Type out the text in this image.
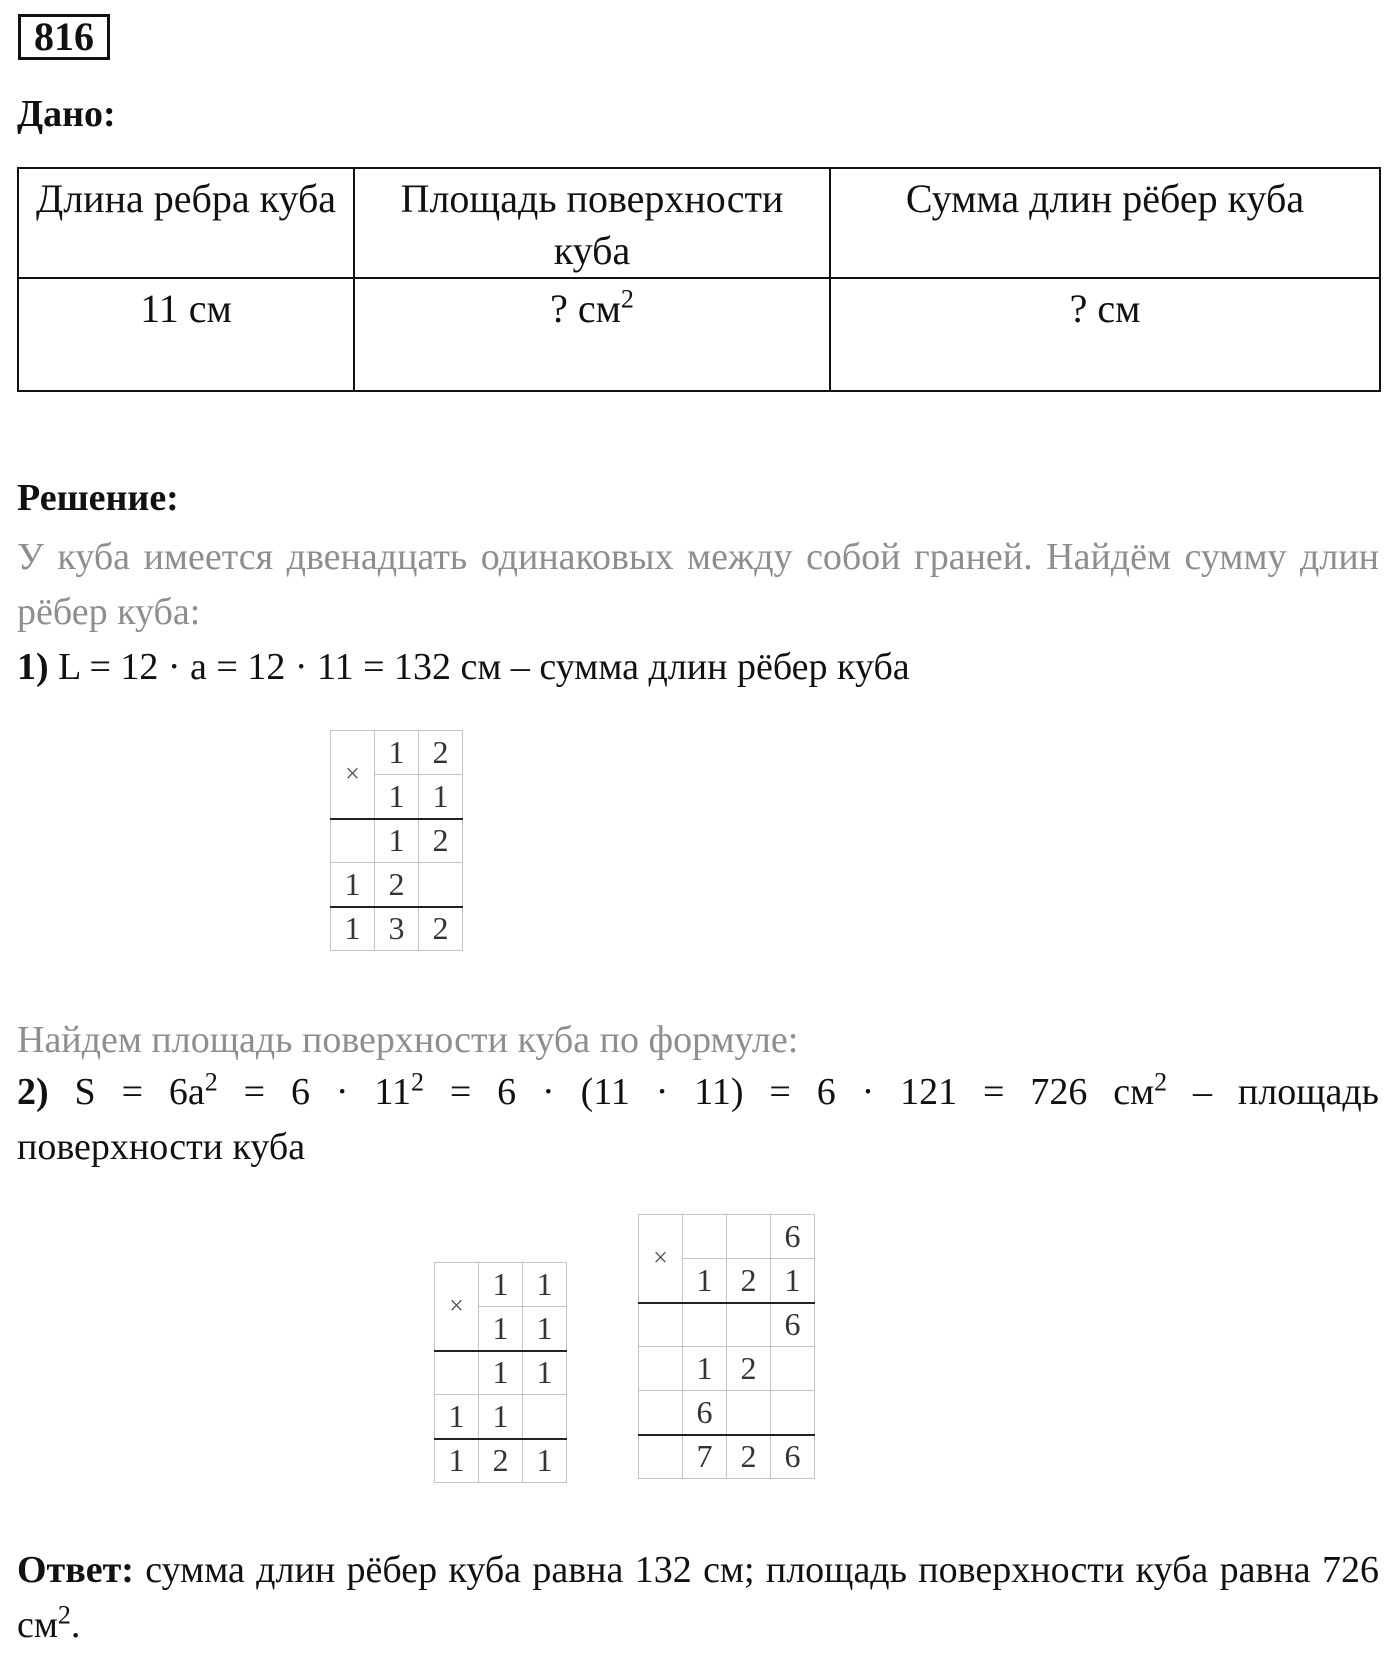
816
Дано:
Длина ребра куба	Площадь поверхности куба	Сумма длин рёбер куба
11 см	? $см^2$	? см
Решение:
У куба имеется двенадцать одинаковых между собой граней. Найдём сумму длин рёбер куба:
1) L = 12 · a = 12 · 11 = 132 см – сумма длин рёбер куба
×	1	2
	1	1
	1	2
1	2	
1	3	2
Найдем площадь поверхности куба по формуле:
2) $S = 6a^2 = 6 \cdot 11^2 = 6 \cdot (11 \cdot 11) = 6 \cdot 121 = 726$ $см^2$ – площадь
поверхности куба
×	1	1
	1	1
	1	1
1	1	
1	2	1
×			6
	1	2	1
			6
	1	2	
	6		
	7	2	6
Ответ: сумма длин рёбер куба равна 132 см; площадь поверхности куба равна 726 $см^2$.
